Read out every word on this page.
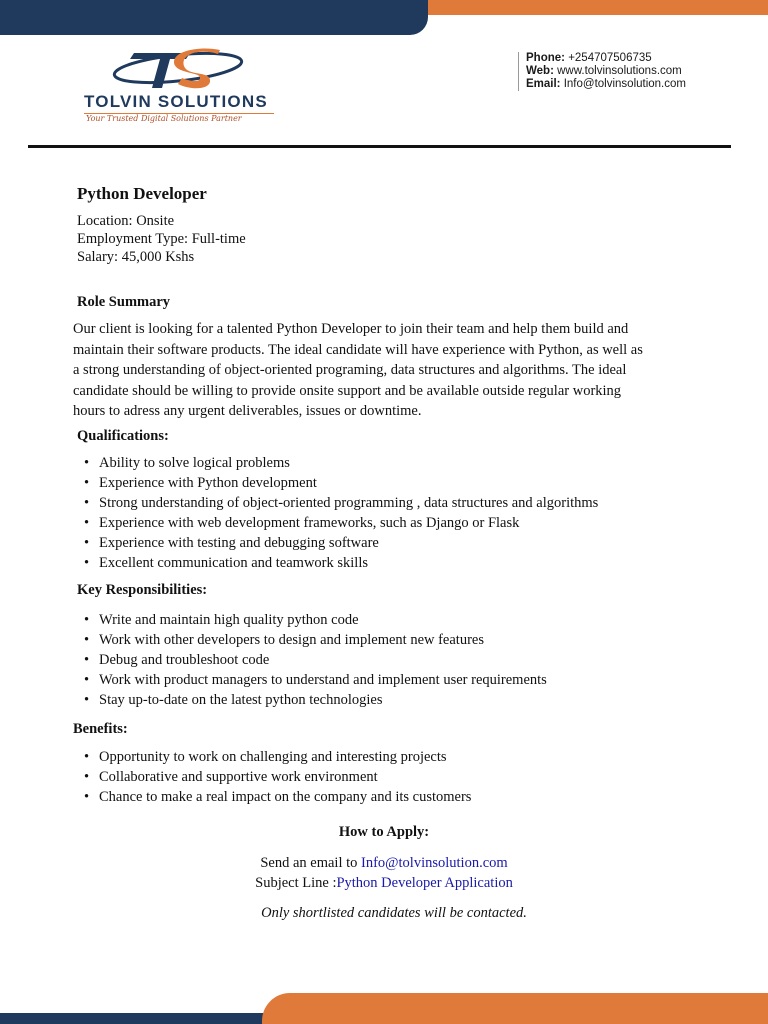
TOLVIN SOLUTIONS
Your Trusted Digital Solutions Partner
Phone: +254707506735
Web: www.tolvinsolutions.com
Email: Info@tolvinsolution.com
Python Developer
Location: Onsite
Employment Type: Full-time
Salary: 45,000 Kshs
Role Summary
Our client is looking for a talented Python Developer to join their team and help them build and
maintain their software products. The ideal candidate will have experience with Python, as well as
a strong understanding of object-oriented programing, data structures and algorithms. The ideal
candidate should be willing to provide onsite support and be available outside regular working
hours to adress any urgent deliverables, issues or downtime.
Qualifications:
• Ability to solve logical problems
• Experience with Python development
• Strong understanding of object-oriented programming , data structures and algorithms
• Experience with web development frameworks, such as Django or Flask
• Experience with testing and debugging software
• Excellent communication and teamwork skills
Key Responsibilities:
• Write and maintain high quality python code
• Work with other developers to design and implement new features
• Debug and troubleshoot code
• Work with product managers to understand and implement user requirements
• Stay up-to-date on the latest python technologies
Benefits:
• Opportunity to work on challenging and interesting projects
• Collaborative and supportive work environment
• Chance to make a real impact on the company and its customers
How to Apply:
Send an email to Info@tolvinsolution.com
Subject Line :Python Developer Application
Only shortlisted candidates will be contacted.
